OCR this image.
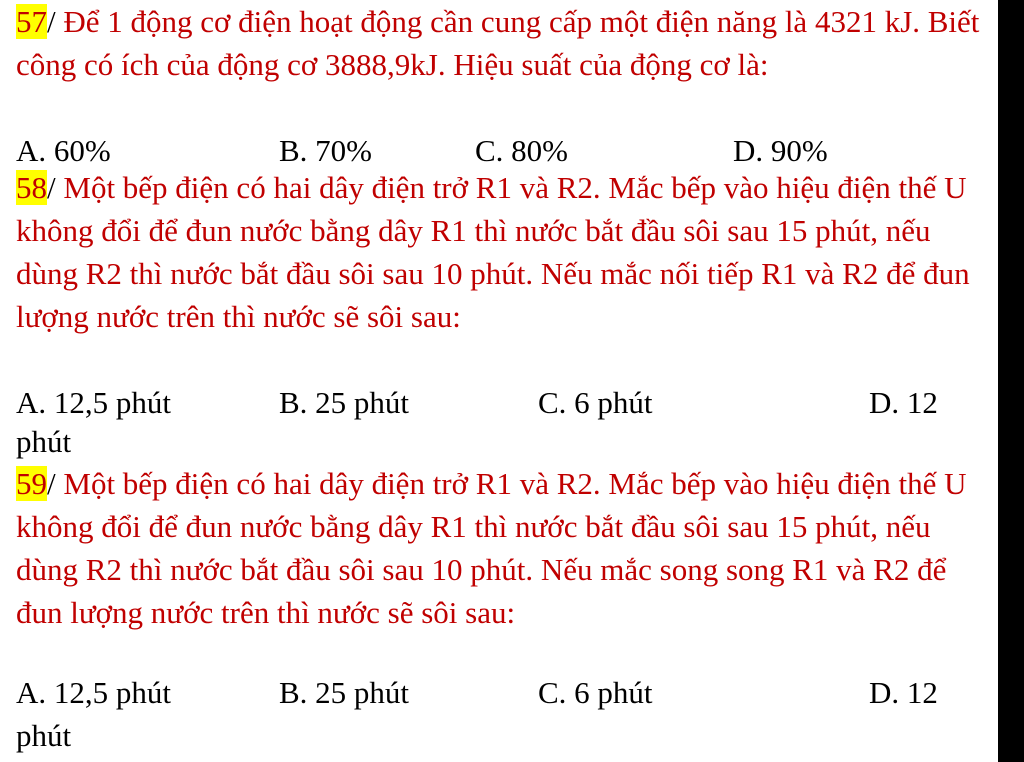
57/ Để 1 động cơ điện hoạt động cần cung cấp một điện năng là 4321 kJ. Biết công có ích của động cơ 3888,9kJ. Hiệu suất của động cơ là:
A. 60%	B. 70%	C. 80%	D. 90%
58/ Một bếp điện có hai dây điện trở R1 và R2. Mắc bếp vào hiệu điện thế U không đổi để đun nước bằng dây R1 thì nước bắt đầu sôi sau 15 phút, nếu dùng R2 thì nước bắt đầu sôi sau 10 phút. Nếu mắc nối tiếp R1 và R2 để đun lượng nước trên thì nước sẽ sôi sau:
A. 12,5 phút	B. 25 phút	C. 6 phút	D. 12
phút
59/ Một bếp điện có hai dây điện trở R1 và R2. Mắc bếp vào hiệu điện thế U không đổi để đun nước bằng dây R1 thì nước bắt đầu sôi sau 15 phút, nếu dùng R2 thì nước bắt đầu sôi sau 10 phút. Nếu mắc song song R1 và R2 để đun lượng nước trên thì nước sẽ sôi sau:
A. 12,5 phút	B. 25 phút	C. 6 phút	D. 12
phút
